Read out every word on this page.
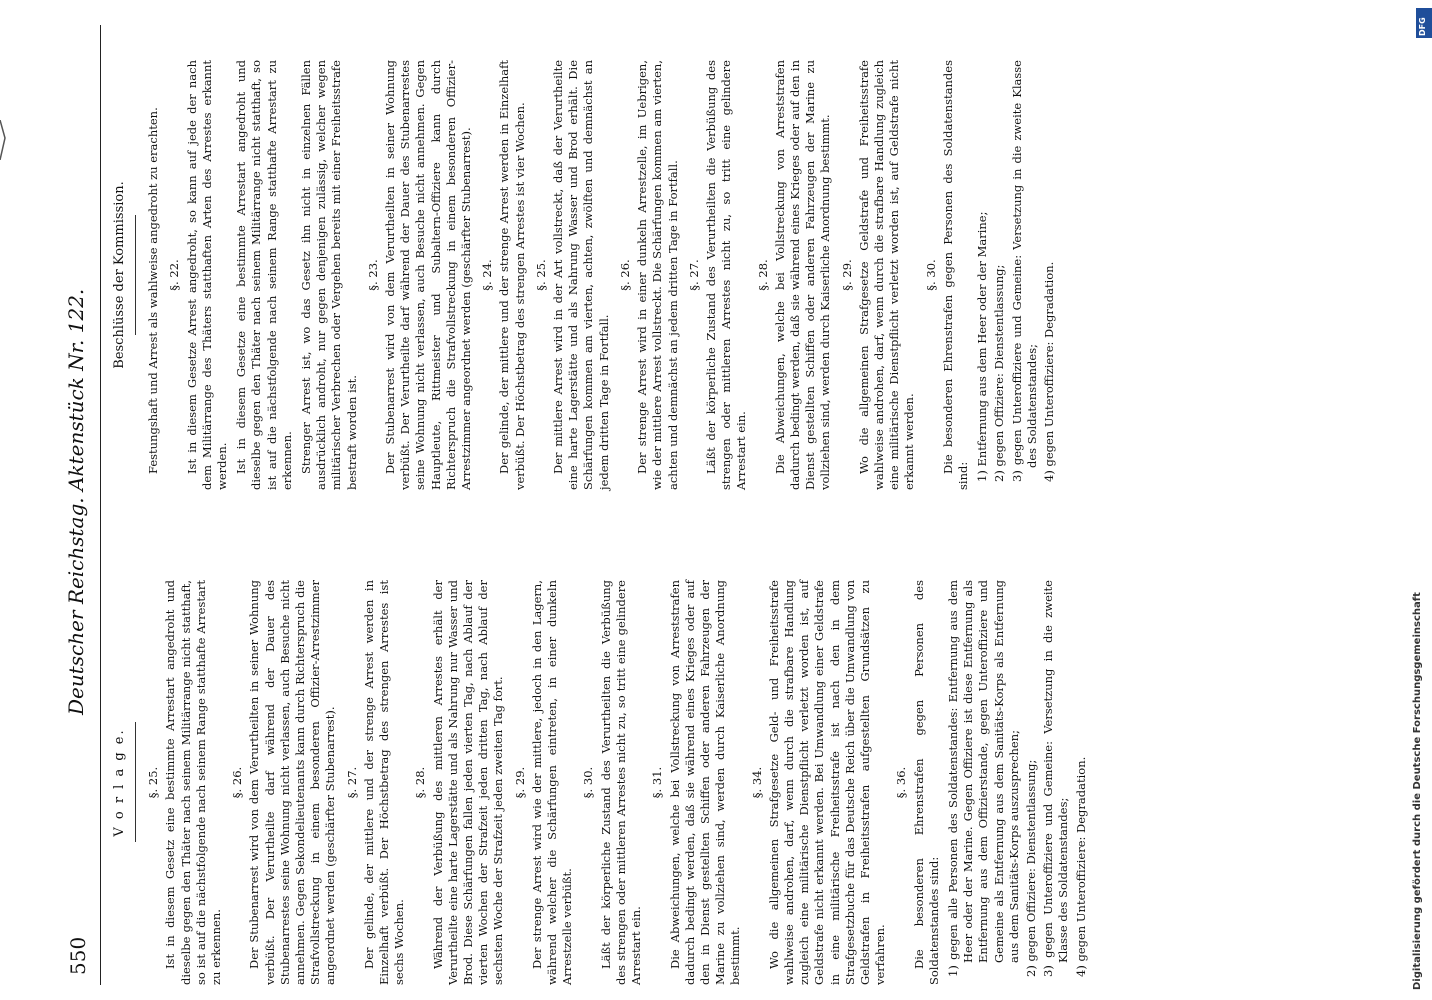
550
Deutscher Reichstag. Aktenstück Nr. 122.
V o r l a g e. §. 25. Ist in diesem Gesetz eine bestimmte Arrestart angedroht und dieselbe gegen den Thäter nach seinem Militärrange nicht statthaft, so ist auf die nächstfolgende nach seinem Range statthafte Arrestart zu erkennen.

§. 26. Der Stubenarrest wird von dem Verurtheilten in seiner Wohnung verbüßt. Der Verurtheilte darf während der Dauer des Stubenarrestes seine Wohnung nicht verlassen, auch Besuche nicht annehmen. Gegen Sekondelieutenants kann durch Richterspruch die Strafvollstreckung in einem besonderen Offizier-Arrestzimmer angeordnet werden (geschärfter Stubenarrest). §. 27. Der gelinde, der mittlere und der strenge Arrest werden in Einzelhaft verbüßt. Der Höchstbetrag des strengen Arrestes ist sechs Wochen.

§. 28. Während der Verbüßung des mittleren Arrestes erhält der Verurtheilte eine harte Lagerstätte und als Nahrung nur Wasser und Brod. Diese Schärfungen fallen jeden vierten Tag, nach Ablauf der vierten Wochen der Strafzeit jeden dritten Tag, nach Ablauf der sechsten Woche der Strafzeit jeden zweiten Tag fort. §. 29. Der strenge Arrest wird wie der mittlere, jedoch in den Lagern, während welcher die Schärfungen eintreten, in einer dunkeln Arrestzelle verbüßt.

§. 30. Läßt der körperliche Zustand des Verurtheilten die Verbüßung des strengen oder mittleren Arrestes nicht zu, so tritt eine gelindere Arrestart ein.

§. 31. Die Abweichungen, welche bei Vollstreckung von Arreststrafen dadurch bedingt werden, daß sie während eines Krieges oder auf den in Dienst gestellten Schiffen oder anderen Fahrzeugen der Marine zu vollziehen sind, werden durch Kaiserliche Anordnung bestimmt.

§. 34. Wo die allgemeinen Strafgesetze Geld- und Freiheitsstrafe wahlweise androhen, darf, wenn durch die strafbare Handlung zugleich eine militärische Dienstpflicht verletzt worden ist, auf Geldstrafe nicht erkannt werden. Bei Umwandlung einer Geldstrafe in eine militärische Freiheitsstrafe ist nach den in dem Strafgesetzbuche für das Deutsche Reich über die Umwandlung von Geldstrafen in Freiheitsstrafen aufgestellten Grundsätzen zu verfahren.

§. 36. Die besonderen Ehrenstrafen gegen Personen des Soldatenstandes sind: 1) gegen alle Personen des Soldatenstandes: Entfernung aus dem Heer oder der Marine. Gegen Offiziere ist diese Entfernung als Entfernung aus dem Offizierstande, gegen Unteroffiziere und Gemeine als Entfernung aus dem Sanitäts-Korps als Entfernung aus dem Sanitäts-Korps auszusprechen; 2) gegen Offiziere: Dienstentlassung; 3) gegen Unteroffiziere und Gemeine: Versetzung in die zweite Klasse des Soldatenstandes; 4) gegen Unteroffiziere: Degradation.
Beschlüsse der Kommission. Festungshaft und Arrest als wahlweise angedroht zu erachten. §. 22. Ist in diesem Gesetze Arrest angedroht, so kann auf jede der nach dem Militärrange des Thäters statthaften Arten des Arrestes erkannt werden. Ist in diesem Gesetze eine bestimmte Arrestart angedroht und dieselbe gegen den Thäter nach seinem Militärrange nicht statthaft, so ist auf die nächstfolgende nach seinem Range statthafte Arrestart zu erkennen. Strenger Arrest ist, wo das Gesetz ihn nicht in einzelnen Fällen ausdrücklich androht, nur gegen denjenigen zulässig, welcher wegen militärischer Verbrechen oder Vergehen bereits mit einer Freiheitsstrafe bestraft worden ist.

§. 23. Der Stubenarrest wird von dem Verurtheilten in seiner Wohnung verbüßt. Der Verurtheilte darf während der Dauer des Stubenarrestes seine Wohnung nicht verlassen, auch Besuche nicht annehmen. Gegen Hauptleute, Rittmeister und Subaltern-Offiziere kann durch Richterspruch die Strafvollstreckung in einem besonderen Offizier-Arrestzimmer angeordnet werden (geschärfter Stubenarrest). §. 24. Der gelinde, der mittlere und der strenge Arrest werden in Einzelhaft verbüßt. Der Höchstbetrag des strengen Arrestes ist vier Wochen. §. 25. Der mittlere Arrest wird in der Art vollstreckt, daß der Verurtheilte eine harte Lagerstätte und als Nahrung Wasser und Brod erhält. Die Schärfungen kommen am vierten, achten, zwölften und demnächst an jedem dritten Tage in Fortfall.

§. 26. Der strenge Arrest wird in einer dunkeln Arrestzelle, im Uebrigen, wie der mittlere Arrest vollstreckt. Die Schärfungen kommen am vierten, achten und demnächst an jedem dritten Tage in Fortfall. §. 27. Läßt der körperliche Zustand des Verurtheilten die Verbüßung des strengen oder mittleren Arrestes nicht zu, so tritt eine gelindere Arrestart ein.

§. 28. Die Abweichungen, welche bei Vollstreckung von Arreststrafen dadurch bedingt werden, daß sie während eines Krieges oder auf den in Dienst gestellten Schiffen oder anderen Fahrzeugen der Marine zu vollziehen sind, werden durch Kaiserliche Anordnung bestimmt. §. 29. Wo die allgemeinen Strafgesetze Geldstrafe und Freiheitsstrafe wahlweise androhen, darf, wenn durch die strafbare Handlung zugleich eine militärische Dienstpflicht verletzt worden ist, auf Geldstrafe nicht erkannt werden.

§. 30. Die besonderen Ehrenstrafen gegen Personen des Soldatenstandes sind: 1) Entfernung aus dem Heer oder der Marine; 2) gegen Offiziere: Dienstentlassung; 3) gegen Unteroffiziere und Gemeine: Versetzung in die zweite Klasse des Soldatenstandes; 4) gegen Unteroffiziere: Degradation.
Digitalisierung gefördert durch die Deutsche Forschungsgemeinschaft
DFG
